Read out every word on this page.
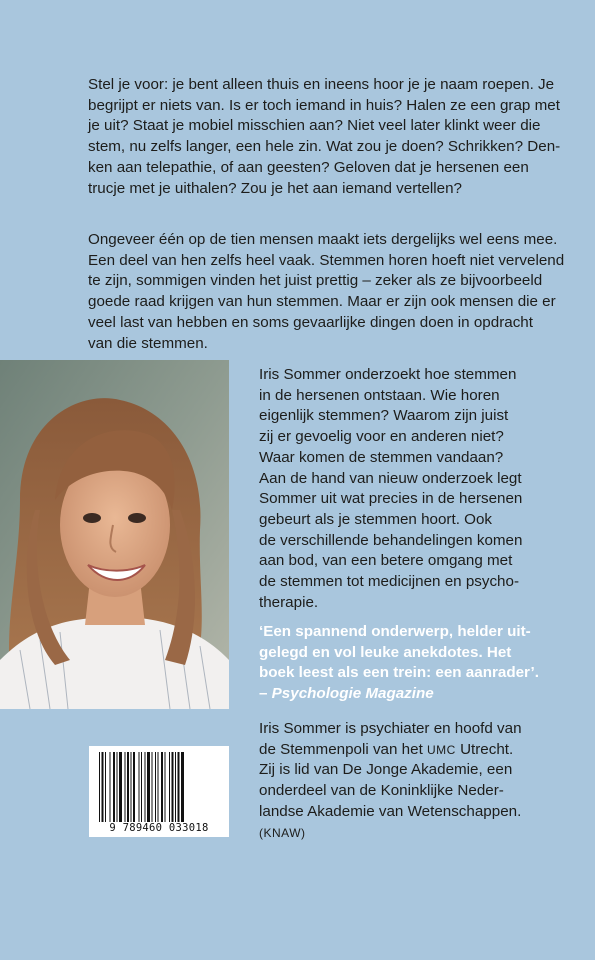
Stel je voor: je bent alleen thuis en ineens hoor je je naam roepen. Je
begrijpt er niets van. Is er toch iemand in huis? Halen ze een grap met
je uit? Staat je mobiel misschien aan? Niet veel later klinkt weer die
stem, nu zelfs langer, een hele zin. Wat zou je doen? Schrikken? Den-
ken aan telepathie, of aan geesten? Geloven dat je hersenen een
trucje met je uithalen? Zou je het aan iemand vertellen?
Ongeveer één op de tien mensen maakt iets dergelijks wel eens mee.
Een deel van hen zelfs heel vaak. Stemmen horen hoeft niet vervelend
te zijn, sommigen vinden het juist prettig – zeker als ze bijvoorbeeld
goede raad krijgen van hun stemmen. Maar er zijn ook mensen die er
veel last van hebben en soms gevaarlijke dingen doen in opdracht
van die stemmen.
Iris Sommer onderzoekt hoe stemmen
in de hersenen ontstaan. Wie horen
eigenlijk stemmen? Waarom zijn juist
zij er gevoelig voor en anderen niet?
Waar komen de stemmen vandaan?
Aan de hand van nieuw onderzoek legt
Sommer uit wat precies in de hersenen
gebeurt als je stemmen hoort. Ook
de verschillende behandelingen komen
aan bod, van een betere omgang met
de stemmen tot medicijnen en psycho-
therapie.
‘Een spannend onderwerp, helder uit-
gelegd en vol leuke anekdotes. Het
boek leest als een trein: een aanrader’.
– Psychologie Magazine
Iris Sommer is psychiater en hoofd van
de Stemmenpoli van het UMC Utrecht.
Zij is lid van De Jonge Akademie, een
onderdeel van de Koninklijke Neder-
landse Akademie van Wetenschappen.
(KNAW)
9 789460 033018
